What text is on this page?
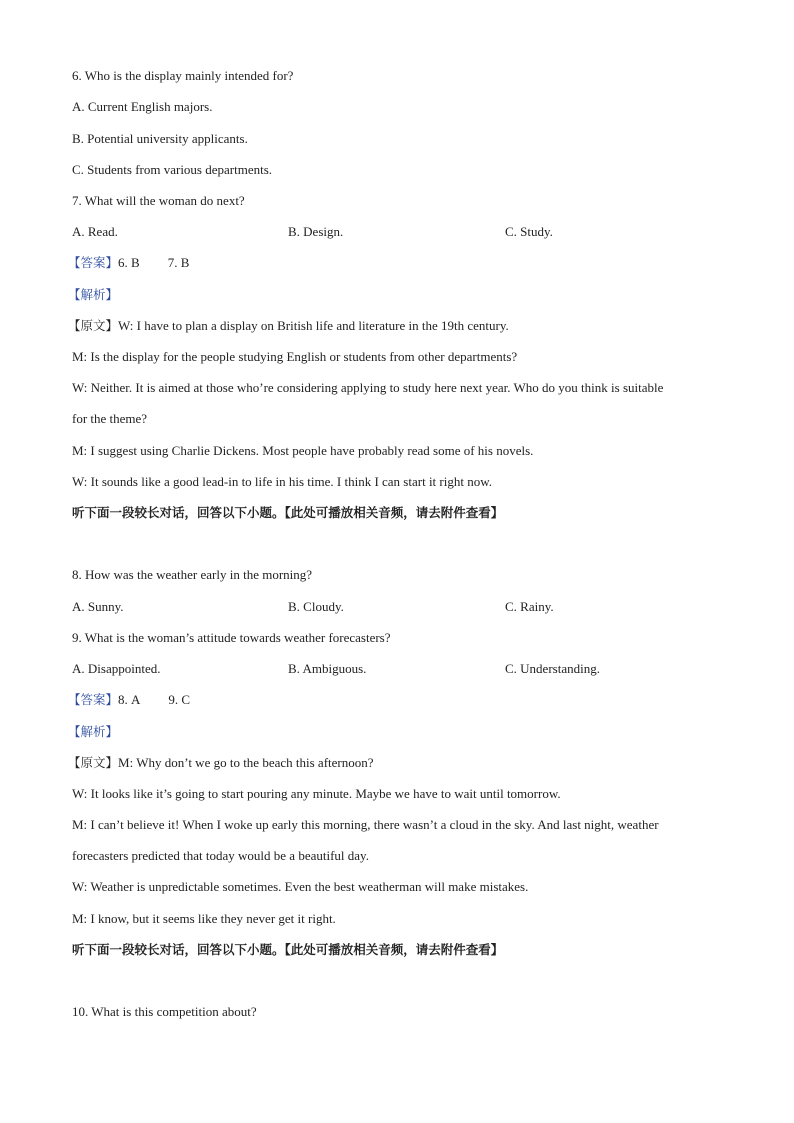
6. Who is the display mainly intended for?
A. Current English majors.
B. Potential university applicants.
C. Students from various departments.
7. What will the woman do next?
A. Read.	B. Design.	C. Study.
【答案】6. B 7. B
【解析】
【原文】W: I have to plan a display on British life and literature in the 19th century.
M: Is the display for the people studying English or students from other departments?
W: Neither. It is aimed at those who’re considering applying to study here next year. Who do you think is suitable
for the theme?
M: I suggest using Charlie Dickens. Most people have probably read some of his novels.
W: It sounds like a good lead-in to life in his time. I think I can start it right now.
听下面一段较长对话，回答以下小题。【此处可播放相关音频，请去附件查看】
8. How was the weather early in the morning?
A. Sunny.	B. Cloudy.	C. Rainy.
9. What is the woman’s attitude towards weather forecasters?
A. Disappointed.	B. Ambiguous.	C. Understanding.
【答案】8. A 9. C
【解析】
【原文】M: Why don’t we go to the beach this afternoon?
W: It looks like it’s going to start pouring any minute. Maybe we have to wait until tomorrow.
M: I can’t believe it! When I woke up early this morning, there wasn’t a cloud in the sky. And last night, weather
forecasters predicted that today would be a beautiful day.
W: Weather is unpredictable sometimes. Even the best weatherman will make mistakes.
M: I know, but it seems like they never get it right.
听下面一段较长对话，回答以下小题。【此处可播放相关音频，请去附件查看】
10. What is this competition about?
